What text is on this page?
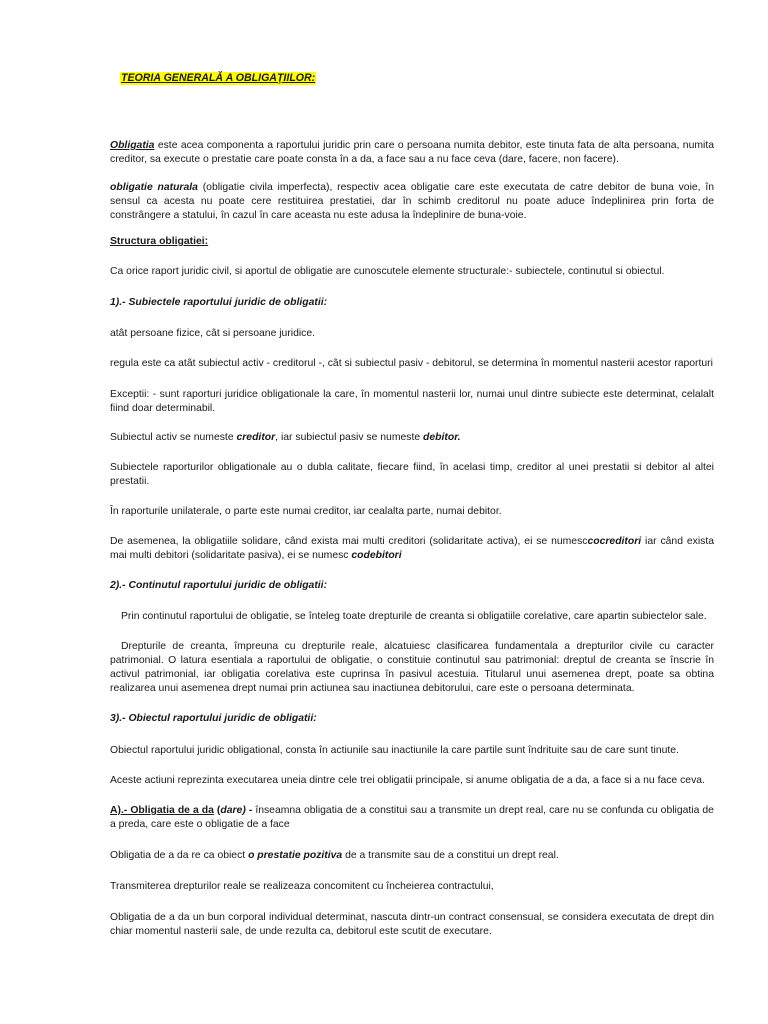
TEORIA GENERALĂ A OBLIGAŢIILOR:

Obligatia este acea componenta a raportului juridic prin care o persoana numita debitor, este tinuta fata de alta persoana, numita creditor, sa execute o prestatie care poate consta în a da, a face sau a nu face ceva (dare, facere, non facere).

obligatie naturala (obligatie civila imperfecta), respectiv acea obligatie care este executata de catre debitor de buna voie, în sensul ca acesta nu poate cere restituirea prestatiei, dar în schimb creditorul nu poate aduce îndeplinirea prin forta de constrângere a statului, în cazul în care aceasta nu este adusa la îndeplinire de buna-voie.

Structura obligatiei:

Ca orice raport juridic civil, si aportul de obligatie are cunoscutele elemente structurale:- subiectele, continutul si obiectul.

1).- Subiectele raportului juridic de obligatii:

atât persoane fizice, cât si persoane juridice.

regula este ca atât subiectul activ - creditorul -, cât si subiectul pasiv - debitorul, se determina în momentul nasterii acestor raporturi

Exceptii: - sunt raporturi juridice obligationale la care, în momentul nasterii lor, numai unul dintre subiecte este determinat, celalalt fiind doar determinabil.

Subiectul activ se numeste creditor, iar subiectul pasiv se numeste debitor.

Subiectele raporturilor obligationale au o dubla calitate, fiecare fiind, în acelasi timp, creditor al unei prestatii si debitor al altei prestatii.

În raporturile unilaterale, o parte este numai creditor, iar cealalta parte, numai debitor.

De asemenea, la obligatiile solidare, când exista mai multi creditori (solidaritate activa), ei se numesccocreditori iar când exista mai multi debitori (solidaritate pasiva), ei se numesc codebitori

2).- Continutul raportului juridic de obligatii:

Prin continutul raportului de obligatie, se înteleg toate drepturile de creanta si obligatiile corelative, care apartin subiectelor sale.

Drepturile de creanta, împreuna cu drepturile reale, alcatuiesc clasificarea fundamentala a drepturilor civile cu caracter patrimonial. O latura esentiala a raportului de obligatie, o constituie continutul sau patrimonial: dreptul de creanta se înscrie în activul patrimonial, iar obligatia corelativa este cuprinsa în pasivul acestuia. Titularul unui asemenea drept, poate sa obtina realizarea unui asemenea drept numai prin actiunea sau inactiunea debitorului, care este o persoana determinata.

3).- Obiectul raportului juridic de obligatii:

Obiectul raportului juridic obligational, consta în actiunile sau inactiunile la care partile sunt îndrituite sau de care sunt tinute.

Aceste actiuni reprezinta executarea uneia dintre cele trei obligatii principale, si anume obligatia de a da, a face si a nu face ceva.

A).- Obligatia de a da (dare) - înseamna obligatia de a constitui sau a transmite un drept real, care nu se confunda cu obligatia de a preda, care este o obligatie de a face

Obligatia de a da re ca obiect o prestatie pozitiva de a transmite sau de a constitui un drept real.

Transmiterea drepturilor reale se realizeaza concomitent cu încheierea contractului,

Obligatia de a da un bun corporal individual determinat, nascuta dintr-un contract consensual, se considera executata de drept din chiar momentul nasterii sale, de unde rezulta ca, debitorul este scutit de executare.
